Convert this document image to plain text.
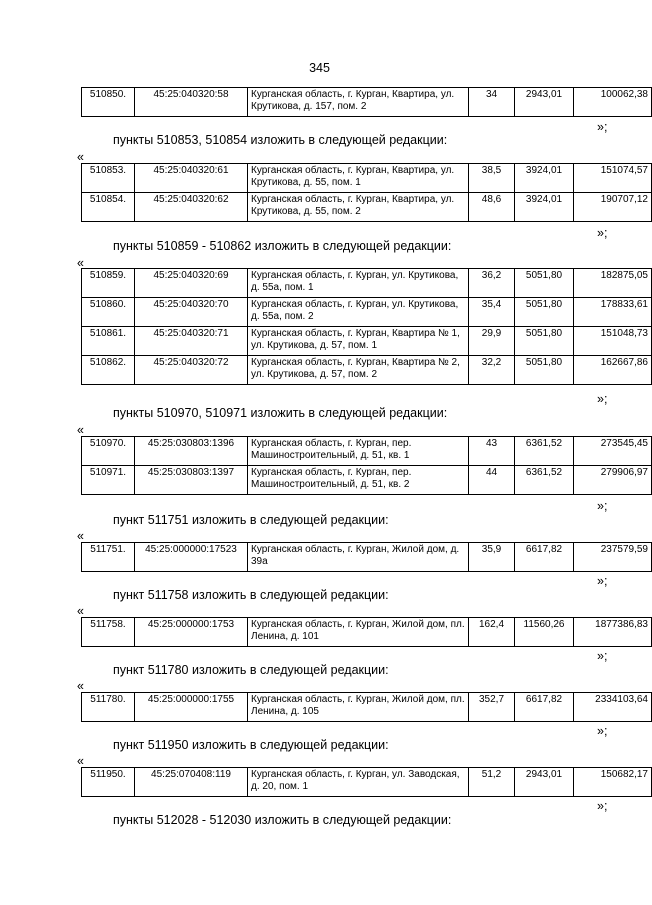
345
510850.	45:25:040320:58	Курганская область, г. Курган, Квартира, ул. Крутикова, д. 157, пом. 2	34	2943,01	100062,38
»;
пункты 510853, 510854 изложить в следующей редакции:
«
510853.	45:25:040320:61	Курганская область, г. Курган, Квартира, ул. Крутикова, д. 55, пом. 1	38,5	3924,01	151074,57
510854.	45:25:040320:62	Курганская область, г. Курган, Квартира, ул. Крутикова, д. 55, пом. 2	48,6	3924,01	190707,12
»;
пункты 510859 - 510862 изложить в следующей редакции:
«
510859.	45:25:040320:69	Курганская область, г. Курган, ул. Крутикова, д. 55а, пом. 1	36,2	5051,80	182875,05
510860.	45:25:040320:70	Курганская область, г. Курган, ул. Крутикова, д. 55а, пом. 2	35,4	5051,80	178833,61
510861.	45:25:040320:71	Курганская область, г. Курган, Квартира № 1, ул. Крутикова, д. 57, пом. 1	29,9	5051,80	151048,73
510862.	45:25:040320:72	Курганская область, г. Курган, Квартира № 2, ул. Крутикова, д. 57, пом. 2	32,2	5051,80	162667,86
»;
пункты 510970, 510971 изложить в следующей редакции:
«
510970.	45:25:030803:1396	Курганская область, г. Курган, пер. Машиностроительный, д. 51, кв. 1	43	6361,52	273545,45
510971.	45:25:030803:1397	Курганская область, г. Курган, пер. Машиностроительный, д. 51, кв. 2	44	6361,52	279906,97
»;
пункт 511751 изложить в следующей редакции:
«
511751.	45:25:000000:17523	Курганская область, г. Курган, Жилой дом, д. 39а	35,9	6617,82	237579,59
»;
пункт 511758 изложить в следующей редакции:
«
511758.	45:25:000000:1753	Курганская область, г. Курган, Жилой дом, пл. Ленина, д. 101	162,4	11560,26	1877386,83
»;
пункт 511780 изложить в следующей редакции:
«
511780.	45:25:000000:1755	Курганская область, г. Курган, Жилой дом, пл. Ленина, д. 105	352,7	6617,82	2334103,64
»;
пункт 511950 изложить в следующей редакции:
«
511950.	45:25:070408:119	Курганская область, г. Курган, ул. Заводская, д. 20, пом. 1	51,2	2943,01	150682,17
»;
пункты 512028 - 512030 изложить в следующей редакции:
